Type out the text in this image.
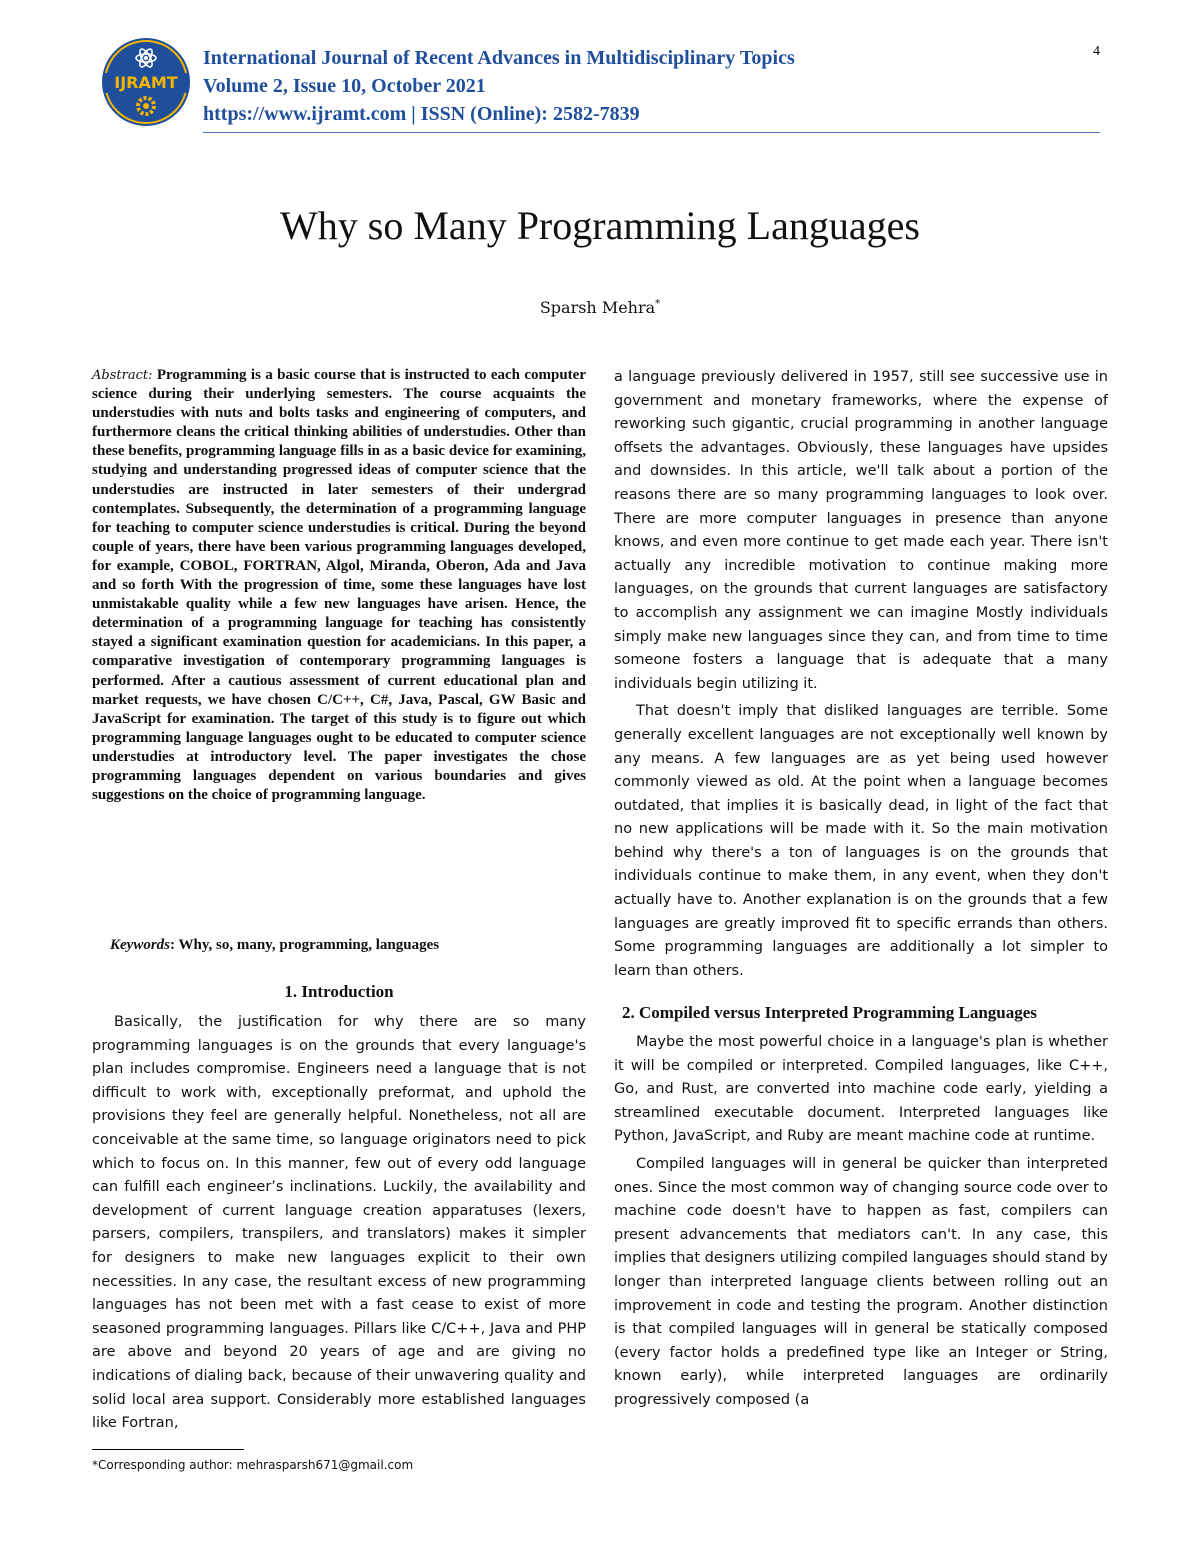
IJRAMT
International Journal of Recent Advances in Multidisciplinary Topics
Volume 2, Issue 10, October 2021
https://www.ijramt.com | ISSN (Online): 2582-7839
4
Why so Many Programming Languages
Sparsh Mehra*
Abstract: Programming is a basic course that is instructed to each computer science during their underlying semesters. The course acquaints the understudies with nuts and bolts tasks and engineering of computers, and furthermore cleans the critical thinking abilities of understudies. Other than these benefits, programming language fills in as a basic device for examining, studying and understanding progressed ideas of computer science that the understudies are instructed in later semesters of their undergrad contemplates. Subsequently, the determination of a programming language for teaching to computer science understudies is critical. During the beyond couple of years, there have been various programming languages developed, for example, COBOL, FORTRAN, Algol, Miranda, Oberon, Ada and Java and so forth With the progression of time, some these languages have lost unmistakable quality while a few new languages have arisen. Hence, the determination of a programming language for teaching has consistently stayed a significant examination question for academicians. In this paper, a comparative investigation of contemporary programming languages is performed. After a cautious assessment of current educational plan and market requests, we have chosen C/C++, C#, Java, Pascal, GW Basic and JavaScript for examination. The target of this study is to figure out which programming language languages ought to be educated to computer science understudies at introductory level. The paper investigates the chose programming languages dependent on various boundaries and gives suggestions on the choice of programming language.
Keywords: Why, so, many, programming, languages
1. Introduction

Basically, the justification for why there are so many programming languages is on the grounds that every language's plan includes compromise. Engineers need a language that is not difficult to work with, exceptionally preformat, and uphold the provisions they feel are generally helpful. Nonetheless, not all are conceivable at the same time, so language originators need to pick which to focus on. In this manner, few out of every odd language can fulfill each engineer’s inclinations. Luckily, the availability and development of current language creation apparatuses (lexers, parsers, compilers, transpilers, and translators) makes it simpler for designers to make new languages explicit to their own necessities. In any case, the resultant excess of new programming languages has not been met with a fast cease to exist of more seasoned programming languages. Pillars like C/C++, Java and PHP are above and beyond 20 years of age and are giving no indications of dialing back, because of their unwavering quality and solid local area support. Considerably more established languages like Fortran,

a language previously delivered in 1957, still see successive use in government and monetary frameworks, where the expense of reworking such gigantic, crucial programming in another language offsets the advantages. Obviously, these languages have upsides and downsides. In this article, we'll talk about a portion of the reasons there are so many programming languages to look over. There are more computer languages in presence than anyone knows, and even more continue to get made each year. There isn't actually any incredible motivation to continue making more languages, on the grounds that current languages are satisfactory to accomplish any assignment we can imagine Mostly individuals simply make new languages since they can, and from time to time someone fosters a language that is adequate that a many individuals begin utilizing it.

That doesn't imply that disliked languages are terrible. Some generally excellent languages are not exceptionally well known by any means. A few languages are as yet being used however commonly viewed as old. At the point when a language becomes outdated, that implies it is basically dead, in light of the fact that no new applications will be made with it. So the main motivation behind why there's a ton of languages is on the grounds that individuals continue to make them, in any event, when they don't actually have to. Another explanation is on the grounds that a few languages are greatly improved fit to specific errands than others. Some programming languages are additionally a lot simpler to learn than others.

2. Compiled versus Interpreted Programming Languages

Maybe the most powerful choice in a language's plan is whether it will be compiled or interpreted. Compiled languages, like C++, Go, and Rust, are converted into machine code early, yielding a streamlined executable document. Interpreted languages like Python, JavaScript, and Ruby are meant machine code at runtime.

Compiled languages will in general be quicker than interpreted ones. Since the most common way of changing source code over to machine code doesn't have to happen as fast, compilers can present advancements that mediators can't. In any case, this implies that designers utilizing compiled languages should stand by longer than interpreted language clients between rolling out an improvement in code and testing the program. Another distinction is that compiled languages will in general be statically composed (every factor holds a predefined type like an Integer or String, known early), while interpreted languages are ordinarily progressively composed (a

*Corresponding author: mehrasparsh671@gmail.com
